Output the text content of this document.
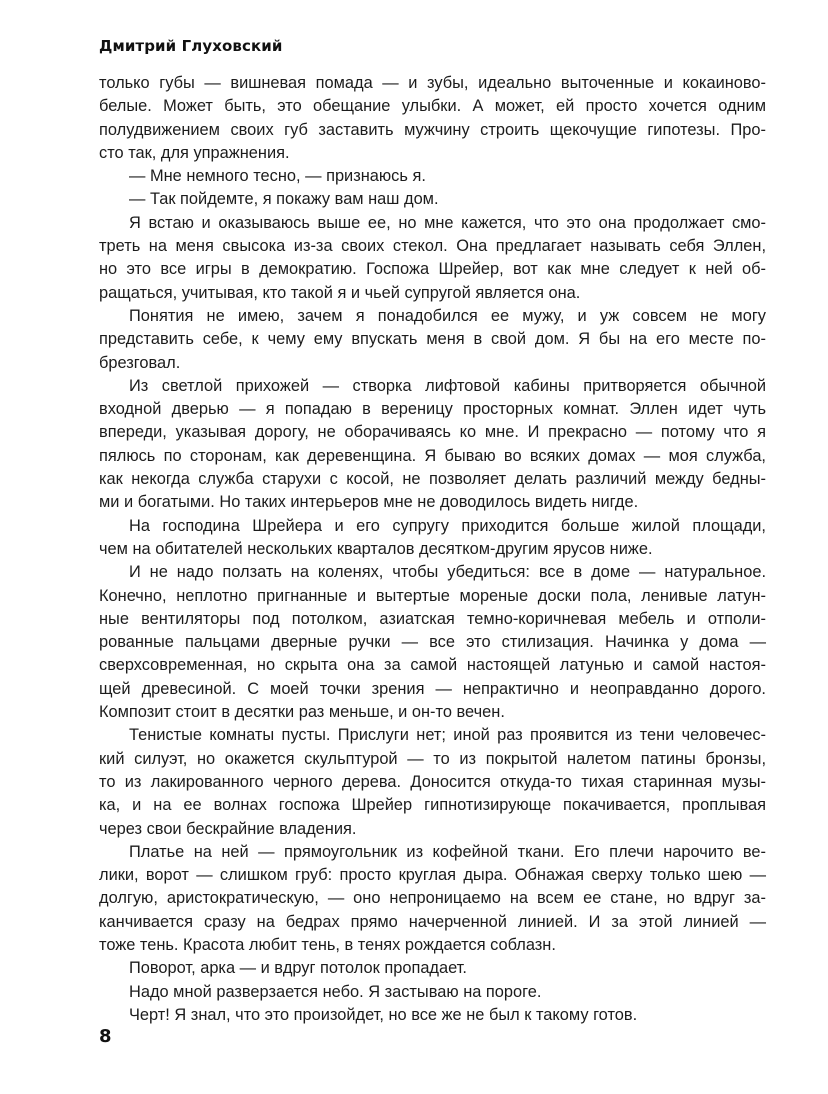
Дмитрий Глуховский
только губы — вишневая помада — и зубы, идеально выточенные и кокаиново-
белые. Может быть, это обещание улыбки. А может, ей просто хочется одним
полудвижением своих губ заставить мужчину строить щекочущие гипотезы. Про-
сто так, для упражнения.
— Мне немного тесно, — признаюсь я.
— Так пойдемте, я покажу вам наш дом.
Я встаю и оказываюсь выше ее, но мне кажется, что это она продолжает смо-
треть на меня свысока из-за своих стекол. Она предлагает называть себя Эллен,
но это все игры в демократию. Госпожа Шрейер, вот как мне следует к ней об-
ращаться, учитывая, кто такой я и чьей супругой является она.
Понятия не имею, зачем я понадобился ее мужу, и уж совсем не могу
представить себе, к чему ему впускать меня в свой дом. Я бы на его месте по-
брезговал.
Из светлой прихожей — створка лифтовой кабины притворяется обычной
входной дверью — я попадаю в вереницу просторных комнат. Эллен идет чуть
впереди, указывая дорогу, не оборачиваясь ко мне. И прекрасно — потому что я
пялюсь по сторонам, как деревенщина. Я бываю во всяких домах — моя служба,
как некогда служба старухи с косой, не позволяет делать различий между бедны-
ми и богатыми. Но таких интерьеров мне не доводилось видеть нигде.
На господина Шрейера и его супругу приходится больше жилой площади,
чем на обитателей нескольких кварталов десятком-другим ярусов ниже.
И не надо ползать на коленях, чтобы убедиться: все в доме — натуральное.
Конечно, неплотно пригнанные и вытертые мореные доски пола, ленивые латун-
ные вентиляторы под потолком, азиатская темно-коричневая мебель и отполи-
рованные пальцами дверные ручки — все это стилизация. Начинка у дома —
сверхсовременная, но скрыта она за самой настоящей латунью и самой настоя-
щей древесиной. С моей точки зрения — непрактично и неоправданно дорого.
Композит стоит в десятки раз меньше, и он-то вечен.
Тенистые комнаты пусты. Прислуги нет; иной раз проявится из тени человечес-
кий силуэт, но окажется скульптурой — то из покрытой налетом патины бронзы,
то из лакированного черного дерева. Доносится откуда-то тихая старинная музы-
ка, и на ее волнах госпожа Шрейер гипнотизирующе покачивается, проплывая
через свои бескрайние владения.
Платье на ней — прямоугольник из кофейной ткани. Его плечи нарочито ве-
лики, ворот — слишком груб: просто круглая дыра. Обнажая сверху только шею —
долгую, аристократическую, — оно непроницаемо на всем ее стане, но вдруг за-
канчивается сразу на бедрах прямо начерченной линией. И за этой линией —
тоже тень. Красота любит тень, в тенях рождается соблазн.
Поворот, арка — и вдруг потолок пропадает.
Надо мной разверзается небо. Я застываю на пороге.
Черт! Я знал, что это произойдет, но все же не был к такому готов.
8
